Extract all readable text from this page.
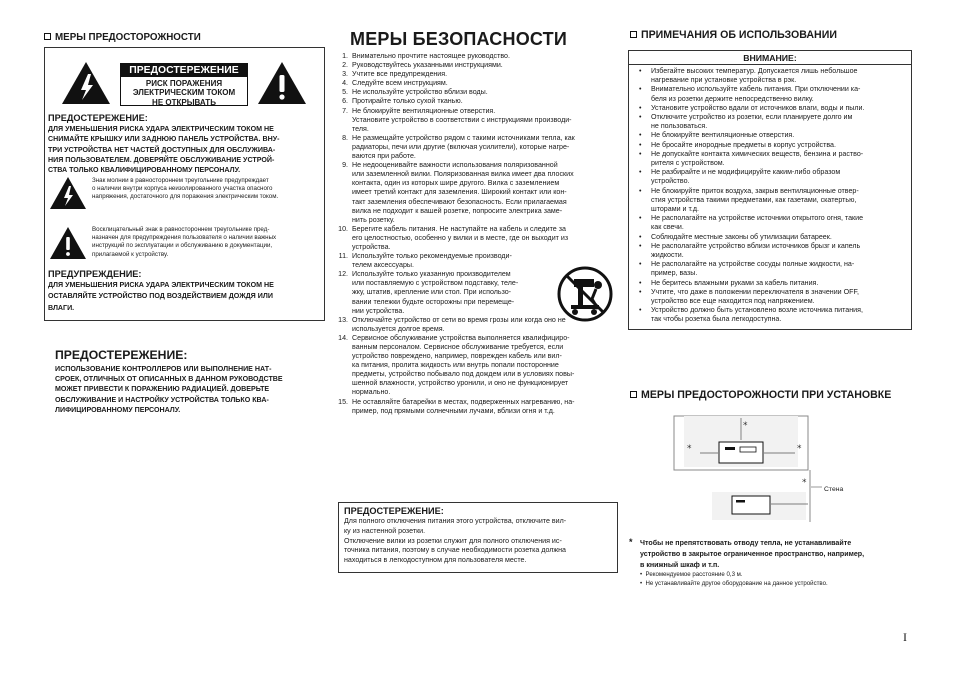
МЕРЫ ПРЕДОСТОРОЖНОСТИ
ПРЕДОСТЕРЕЖЕНИЕ
РИСК ПОРАЖЕНИЯ
ЭЛЕКТРИЧЕСКИМ ТОКОМ
НЕ ОТКРЫВАТЬ
ПРЕДОСТЕРЕЖЕНИЕ:
ДЛЯ УМЕНЬШЕНИЯ РИСКА УДАРА ЭЛЕКТРИЧЕСКИМ ТОКОМ НЕ
СНИМАЙТЕ КРЫШКУ ИЛИ ЗАДНЮЮ ПАНЕЛЬ УСТРОЙСТВА. ВНУ-
ТРИ УСТРОЙСТВА НЕТ ЧАСТЕЙ ДОСТУПНЫХ ДЛЯ ОБСЛУЖИВА-
НИЯ ПОЛЬЗОВАТЕЛЕМ. ДОВЕРЯЙТЕ ОБСЛУЖИВАНИЕ УСТРОЙ-
СТВА ТОЛЬКО КВАЛИФИЦИРОВАННОМУ ПЕРСОНАЛУ.
Знак молнии в равностороннем треугольнике предупреждает
о наличии внутри корпуса неизолированного участка опасного
напряжения, достаточного для поражения электрическим током.
Восклицательный знак в равностороннем треугольнике пред-
назначен для предупреждения пользователя о наличии важных
инструкций по эксплуатации и обслуживанию в документации,
прилагаемой к устройству.
ПРЕДУПРЕЖДЕНИЕ:
ДЛЯ УМЕНЬШЕНИЯ РИСКА УДАРА ЭЛЕКТРИЧЕСКИМ ТОКОМ НЕ
ОСТАВЛЯЙТЕ УСТРОЙСТВО ПОД ВОЗДЕЙСТВИЕМ ДОЖДЯ ИЛИ
ВЛАГИ.
ПРЕДОСТЕРЕЖЕНИЕ:
ИСПОЛЬЗОВАНИЕ КОНТРОЛЛЕРОВ ИЛИ ВЫПОЛНЕНИЕ НАТ-
СРОЕК, ОТЛИЧНЫХ ОТ ОПИСАННЫХ В ДАННОМ РУКОВОДСТВЕ
МОЖЕТ ПРИВЕСТИ К ПОРАЖЕНИЮ РАДИАЦИЕЙ. ДОВЕРЬТЕ
ОБСЛУЖИВАНИЕ И НАСТРОЙКУ УСТРОЙСТВА ТОЛЬКО КВА-
ЛИФИЦИРОВАННОМУ ПЕРСОНАЛУ.
МЕРЫ БЕЗОПАСНОСТИ
1. Внимательно прочтите настоящее руководство.
2. Руководствуйтесь указанными инструкциями.
3. Учтите все предупреждения.
4. Следуйте всем инструкциям.
5. Не используйте устройство вблизи воды.
6. Протирайте только сухой тканью.
7. Не блокируйте вентиляционные отверстия.
Установите устройство в соответствии с инструкциями производи-
теля.
8. Не размещайте устройство рядом с такими источниками тепла, как
радиаторы, печи или другие (включая усилители), которые нагре-
ваются при работе.
9. Не недооценивайте важности использования поляризованной
или заземленной вилки. Поляризованная вилка имеет два плоских
контакта, один из которых шире другого. Вилка с заземлением
имеет третий контакт для заземления. Широкий контакт или кон-
такт заземления обеспечивают безопасность. Если прилагаемая
вилка не подходит к вашей розетке, попросите электрика заме-
нить розетку.
10. Берегите кабель питания. Не наступайте на кабель и следите за
его целостностью, особенно у вилки и в месте, где он выходит из
устройства.
11. Используйте только рекомендуемые производи-
телем аксессуары.
12. Используйте только указанную производителем
или поставляемую с устройством подставку, теле-
жку, штатив, крепление или стол. При использо-
вании тележки будьте осторожны при перемеще-
нии устройства.
13. Отключайте устройство от сети во время грозы или когда оно не
используется долгое время.
14. Сервисное обслуживание устройства выполняется квалифициро-
ванным персоналом. Сервисное обслуживание требуется, если
устройство повреждено, например, поврежден кабель или вил-
ка питания, пролита жидкость или внутрь попали посторонние
предметы, устройство побывало под дождем или в условиях повы-
шенной влажности, устройство уронили, и оно не функционирует
нормально.
15. Не оставляйте батарейки в местах, подверженных нагреванию, на-
пример, под прямыми солнечными лучами, вблизи огня и т.д.
ПРЕДОСТЕРЕЖЕНИЕ:
Для полного отключения питания этого устройства, отключите вил-
ку из настенной розетки.
Отключение вилки из розетки служит для полного отключения ис-
точника питания, поэтому в случае необходимости розетка должна
находиться в легкодоступном для пользователя месте.
ПРИМЕЧАНИЯ ОБ ИСПОЛЬЗОВАНИИ
ВНИМАНИЕ:
• Избегайте высоких температур. Допускается лишь небольшое
нагревание при установке устройства в рэк.
• Внимательно используйте кабель питания. При отключении ка-
беля из розетки держите непосредственно вилку.
• Установите устройство вдали от источников влаги, воды и пыли.
• Отключите устройство из розетки, если планируете долго им
не пользоваться.
• Не блокируйте вентиляционные отверстия.
• Не бросайте инородные предметы в корпус устройства.
• Не допускайте контакта химических веществ, бензина и раство-
рителя с устройством.
• Не разбирайте и не модифицируйте каким-либо образом
устройство.
• Не блокируйте приток воздуха, закрыв вентиляционные отвер-
стия устройства такими предметами, как газетами, скатертью,
шторами и т.д.
• Не располагайте на устройстве источники открытого огня, такие
как свечи.
• Соблюдайте местные законы об утилизации батареек.
• Не располагайте устройство вблизи источников брызг и капель
жидкости.
• Не располагайте на устройстве сосуды полные жидкости, на-
пример, вазы.
• Не беритесь влажными руками за кабель питания.
• Учтите, что даже в положении переключателя в значении OFF,
устройство все еще находится под напряжением.
• Устройство должно быть установлено возле источника питания,
так чтобы розетка была легкодоступна.
МЕРЫ ПРЕДОСТОРОЖНОСТИ ПРИ УСТАНОВКЕ
*
*	*
*
Стена
* Чтобы не препятствовать отводу тепла, не устанавливайте
устройство в закрытое ограниченное пространство, например,
в книжный шкаф и т.п.
•  Рекомендуемое расстояние 0,3 м.
•  Не устанавливайте другое оборудование на данное устройство.
I
